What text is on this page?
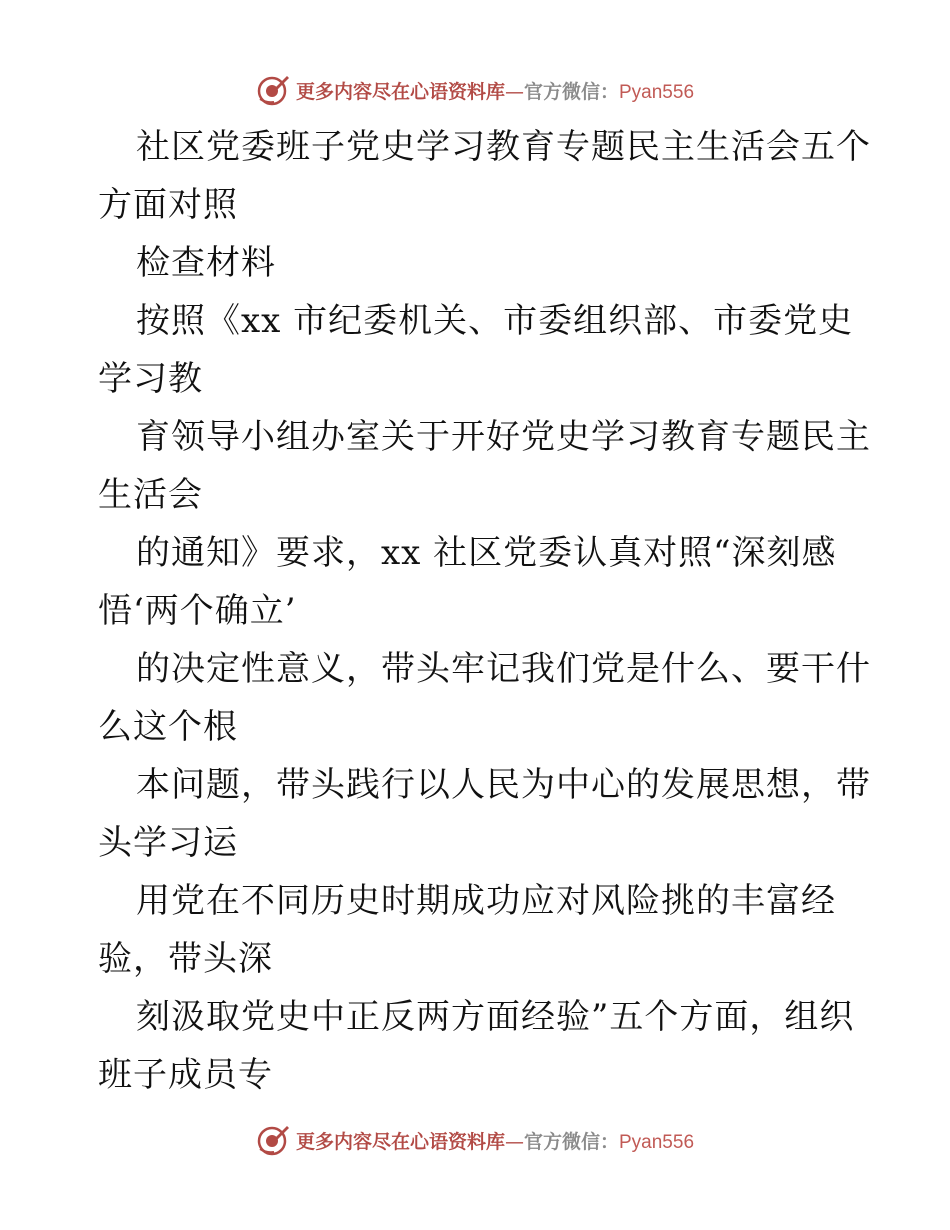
更多内容尽在心语资料库—官方微信：Pyan556
社区党委班子党史学习教育专题民主生活会五个
方面对照
检查材料
按照《xx 市纪委机关、市委组织部、市委党史
学习教
育领导小组办室关于开好党史学习教育专题民主
生活会
的通知》要求，xx 社区党委认真对照“深刻感
悟‘两个确立’
的决定性意义，带头牢记我们党是什么、要干什
么这个根
本问题，带头践行以人民为中心的发展思想，带
头学习运
用党在不同历史时期成功应对风险挑的丰富经
验，带头深
刻汲取党史中正反两方面经验”五个方面，组织
班子成员专
更多内容尽在心语资料库—官方微信：Pyan556
